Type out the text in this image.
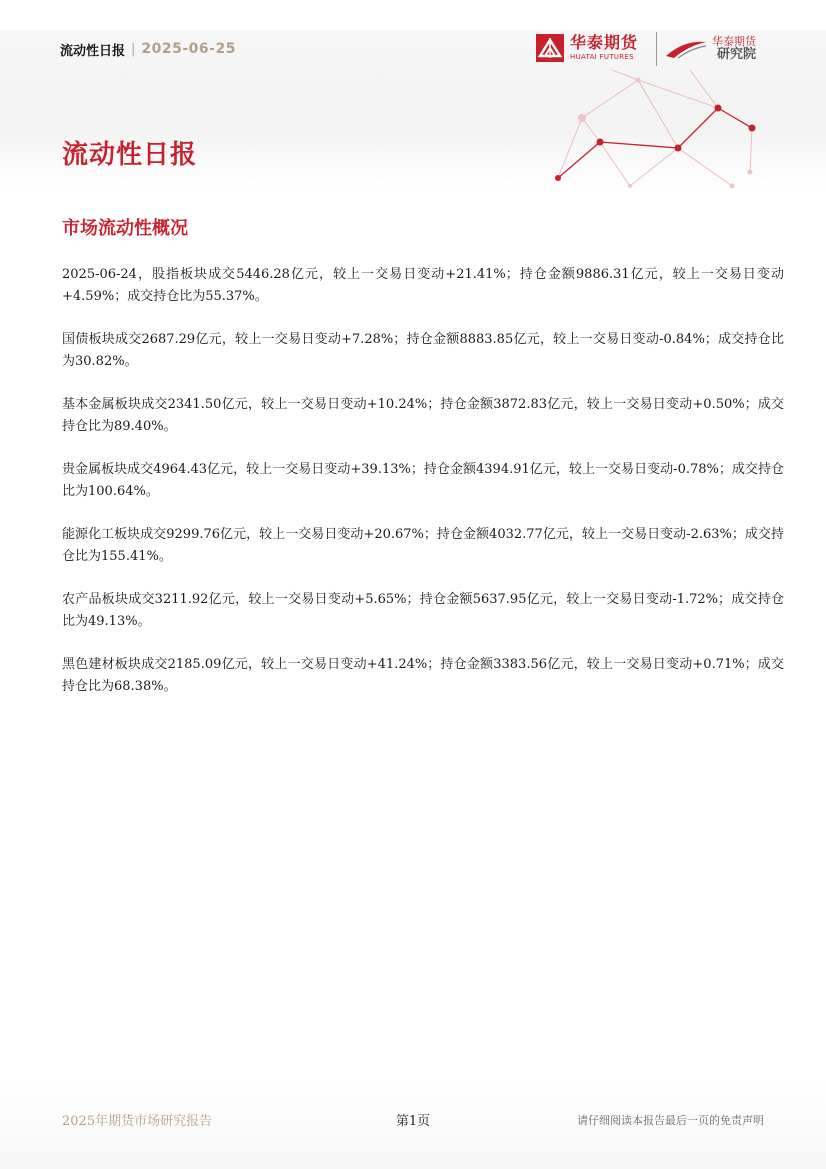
流动性日报 | 2025-06-25	华泰期货
HUATAI FUTURES
华泰期货
研究院
流动性日报
市场流动性概况

2025-06-24，股指板块成交5446.28亿元，较上一交易日变动+21.41%；持仓金额9886.31亿元，较上一交易日变动+4.59%；成交持仓比为55.37%。

国债板块成交2687.29亿元，较上一交易日变动+7.28%；持仓金额8883.85亿元，较上一交易日变动-0.84%；成交持仓比为30.82%。

基本金属板块成交2341.50亿元，较上一交易日变动+10.24%；持仓金额3872.83亿元，较上一交易日变动+0.50%；成交持仓比为89.40%。

贵金属板块成交4964.43亿元，较上一交易日变动+39.13%；持仓金额4394.91亿元，较上一交易日变动-0.78%；成交持仓比为100.64%。

能源化工板块成交9299.76亿元，较上一交易日变动+20.67%；持仓金额4032.77亿元，较上一交易日变动-2.63%；成交持仓比为155.41%。

农产品板块成交3211.92亿元，较上一交易日变动+5.65%；持仓金额5637.95亿元，较上一交易日变动-1.72%；成交持仓比为49.13%。

黑色建材板块成交2185.09亿元，较上一交易日变动+41.24%；持仓金额3383.56亿元，较上一交易日变动+0.71%；成交持仓比为68.38%。

2025年期货市场研究报告	第1页	请仔细阅读本报告最后一页的免责声明
